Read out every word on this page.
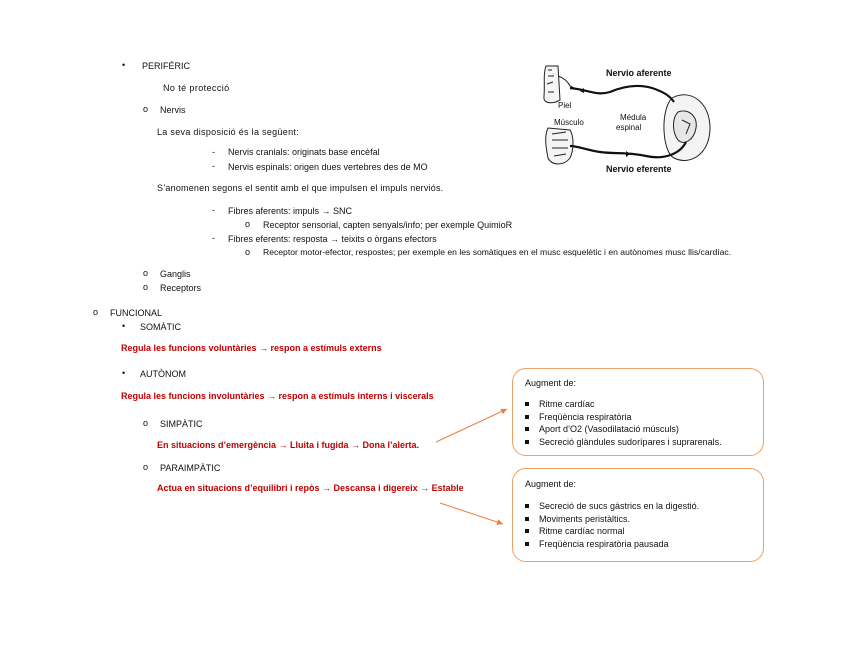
• PERIFÉRIC
No té protecció
o Nervis
La seva disposició és la següent:
- Nervis cranials: originats base encèfal
- Nervis espinals: origen dues vertebres des de MO
S’anomenen segons el sentit amb el que impulsen el impuls nerviós.
- Fibres aferents: impuls → SNC
o Receptor sensorial, capten senyals/info; per exemple QuimioR
- Fibres eferents: resposta → teixits o òrgans efectors
o Receptor motor-efector, respostes; per exemple en les somàtiques en el musc esquelètic i en autònomes musc llis/cardíac.
o Ganglis
o Receptors
o FUNCIONAL
• SOMÀTIC
Regula les funcions voluntàries → respon a estímuls externs
• AUTÒNOM
Regula les funcions involuntàries → respon a estímuls interns i viscerals
o SIMPÀTIC
En situacions d’emergència → Lluita i fugida → Dona l’alerta.
o PARAIMPÀTIC
Actua en situacions d’equilibri i repòs → Descansa i digereix → Estable
Augment de:
Ritme cardíac
Freqüència respiratòria
Aport d’O2 (Vasodilatació músculs)
Secreció glàndules sudorípares i suprarenals.
Augment de:
Secreció de sucs gàstrics en la digestió.
Moviments peristàltics.
Ritme cardíac normal
Freqüència respiratòria pausada
Nervio aferente
Piel
Músculo
Médula
espinal
Nervio eferente
